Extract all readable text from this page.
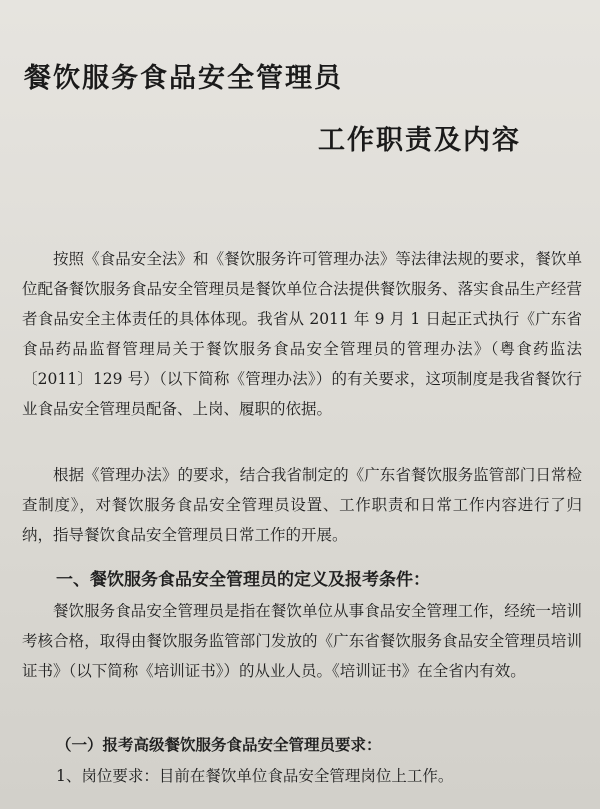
餐饮服务食品安全管理员
工作职责及内容

按照《食品安全法》和《餐饮服务许可管理办法》等法律法规的要求，餐饮单位配备餐饮服务食品安全管理员是餐饮单位合法提供餐饮服务、落实食品生产经营者食品安全主体责任的具体体现。我省从 2011 年 9 月 1 日起正式执行《广东省食品药品监督管理局关于餐饮服务食品安全管理员的管理办法》（粤食药监法〔2011〕129 号）（以下简称《管理办法》）的有关要求，这项制度是我省餐饮行业食品安全管理员配备、上岗、履职的依据。

根据《管理办法》的要求，结合我省制定的《广东省餐饮服务监管部门日常检查制度》，对餐饮服务食品安全管理员设置、工作职责和日常工作内容进行了归纳，指导餐饮食品安全管理员日常工作的开展。

一、餐饮服务食品安全管理员的定义及报考条件：

餐饮服务食品安全管理员是指在餐饮单位从事食品安全管理工作，经统一培训考核合格，取得由餐饮服务监管部门发放的《广东省餐饮服务食品安全管理员培训证书》（以下简称《培训证书》）的从业人员。《培训证书》在全省内有效。

（一）报考高级餐饮服务食品安全管理员要求：

1、岗位要求：目前在餐饮单位食品安全管理岗位上工作。
